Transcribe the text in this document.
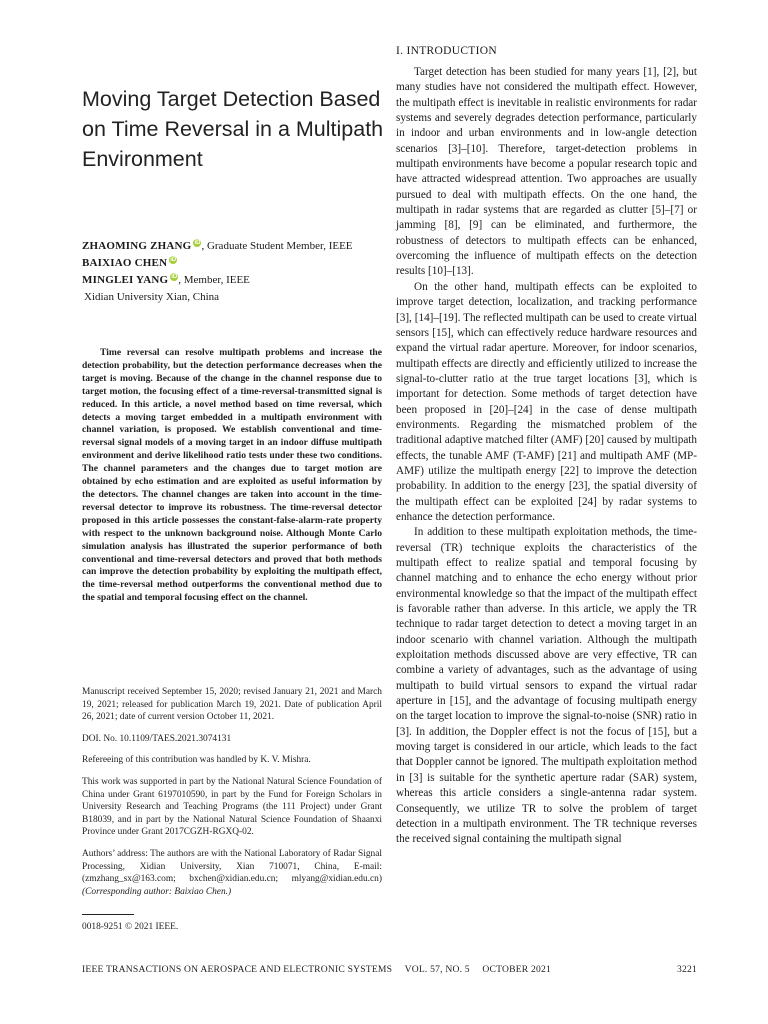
Moving Target Detection Based on Time Reversal in a Multipath Environment
ZHAOMING ZHANG iD, Graduate Student Member, IEEE
BAIXIAO CHEN iD
MINGLEI YANG iD, Member, IEEE
Xidian University Xian, China

Time reversal can resolve multipath problems and increase the detection probability, but the detection performance decreases when the target is moving. Because of the change in the channel response due to target motion, the focusing effect of a time-reversal-transmitted signal is reduced. In this article, a novel method based on time reversal, which detects a moving target embedded in a multipath environment with channel variation, is proposed. We establish conventional and time-reversal signal models of a moving target in an indoor diffuse multipath environment and derive likelihood ratio tests under these two conditions. The channel parameters and the changes due to target motion are obtained by echo estimation and are exploited as useful information by the detectors. The channel changes are taken into account in the time-reversal detector to improve its robustness. The time-reversal detector proposed in this article possesses the constant-false-alarm-rate property with respect to the unknown background noise. Although Monte Carlo simulation analysis has illustrated the superior performance of both conventional and time-reversal detectors and proved that both methods can improve the detection probability by exploiting the multipath effect, the time-reversal method outperforms the conventional method due to the spatial and temporal focusing effect on the channel.

Manuscript received September 15, 2020; revised January 21, 2021 and March 19, 2021; released for publication March 19, 2021. Date of publication April 26, 2021; date of current version October 11, 2021.

DOI. No. 10.1109/TAES.2021.3074131

Refereeing of this contribution was handled by K. V. Mishra.

This work was supported in part by the National Natural Science Foundation of China under Grant 6197010590, in part by the Fund for Foreign Scholars in University Research and Teaching Programs (the 111 Project) under Grant B18039, and in part by the National Natural Science Foundation of Shaanxi Province under Grant 2017CGZH-RGXQ-02.

Authors’ address: The authors are with the National Laboratory of Radar Signal Processing, Xidian University, Xian 710071, China, E-mail: (zmzhang_sx@163.com; bxchen@xidian.edu.cn; mlyang@xidian.edu.cn) (Corresponding author: Baixiao Chen.)

0018-9251 © 2021 IEEE.
I. INTRODUCTION

Target detection has been studied for many years [1], [2], but many studies have not considered the multipath effect. However, the multipath effect is inevitable in realistic environments for radar systems and severely degrades detection performance, particularly in indoor and urban environments and in low-angle detection scenarios [3]–[10]. Therefore, target-detection problems in multipath environments have become a popular research topic and have attracted widespread attention. Two approaches are usually pursued to deal with multipath effects. On the one hand, the multipath in radar systems that are regarded as clutter [5]–[7] or jamming [8], [9] can be eliminated, and furthermore, the robustness of detectors to multipath effects can be enhanced, overcoming the influence of multipath effects on the detection results [10]–[13].

On the other hand, multipath effects can be exploited to improve target detection, localization, and tracking performance [3], [14]–[19]. The reflected multipath can be used to create virtual sensors [15], which can effectively reduce hardware resources and expand the virtual radar aperture. Moreover, for indoor scenarios, multipath effects are directly and efficiently utilized to increase the signal-to-clutter ratio at the true target locations [3], which is important for detection. Some methods of target detection have been proposed in [20]–[24] in the case of dense multipath environments. Regarding the mismatched problem of the traditional adaptive matched filter (AMF) [20] caused by multipath effects, the tunable AMF (T-AMF) [21] and multipath AMF (MP-AMF) utilize the multipath energy [22] to improve the detection probability. In addition to the energy [23], the spatial diversity of the multipath effect can be exploited [24] by radar systems to enhance the detection performance.

In addition to these multipath exploitation methods, the time-reversal (TR) technique exploits the characteristics of the multipath effect to realize spatial and temporal focusing by channel matching and to enhance the echo energy without prior environmental knowledge so that the impact of the multipath effect is favorable rather than adverse. In this article, we apply the TR technique to radar target detection to detect a moving target in an indoor scenario with channel variation. Although the multipath exploitation methods discussed above are very effective, TR can combine a variety of advantages, such as the advantage of using multipath to build virtual sensors to expand the virtual radar aperture in [15], and the advantage of focusing multipath energy on the target location to improve the signal-to-noise (SNR) ratio in [3]. In addition, the Doppler effect is not the focus of [15], but a moving target is considered in our article, which leads to the fact that Doppler cannot be ignored. The multipath exploitation method in [3] is suitable for the synthetic aperture radar (SAR) system, whereas this article considers a single-antenna radar system. Consequently, we utilize TR to solve the problem of target detection in a multipath environment. The TR technique reverses the received signal containing the multipath signal

IEEE TRANSACTIONS ON AEROSPACE AND ELECTRONIC SYSTEMS VOL. 57, NO. 5 OCTOBER 2021	3221
